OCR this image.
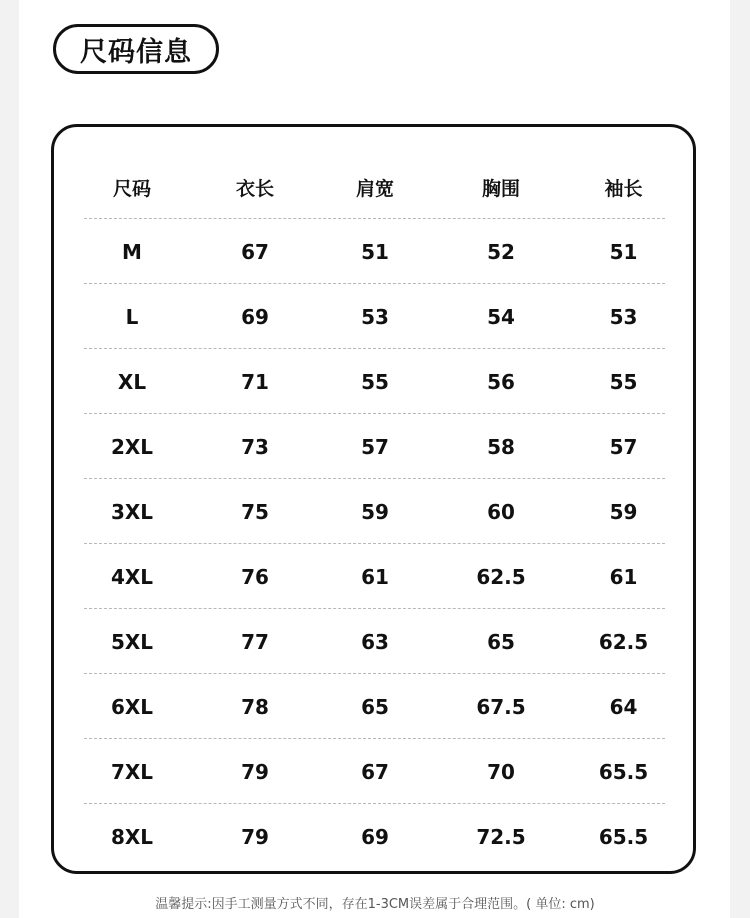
尺码信息
尺码	衣长	肩宽	胸围	袖长
M	67	51	52	51
L	69	53	54	53
XL	71	55	56	55
2XL	73	57	58	57
3XL	75	59	60	59
4XL	76	61	62.5	61
5XL	77	63	65	62.5
6XL	78	65	67.5	64
7XL	79	67	70	65.5
8XL	79	69	72.5	65.5
温馨提示:因手工测量方式不同，存在1-3CM误差属于合理范围。( 单位: cm)
